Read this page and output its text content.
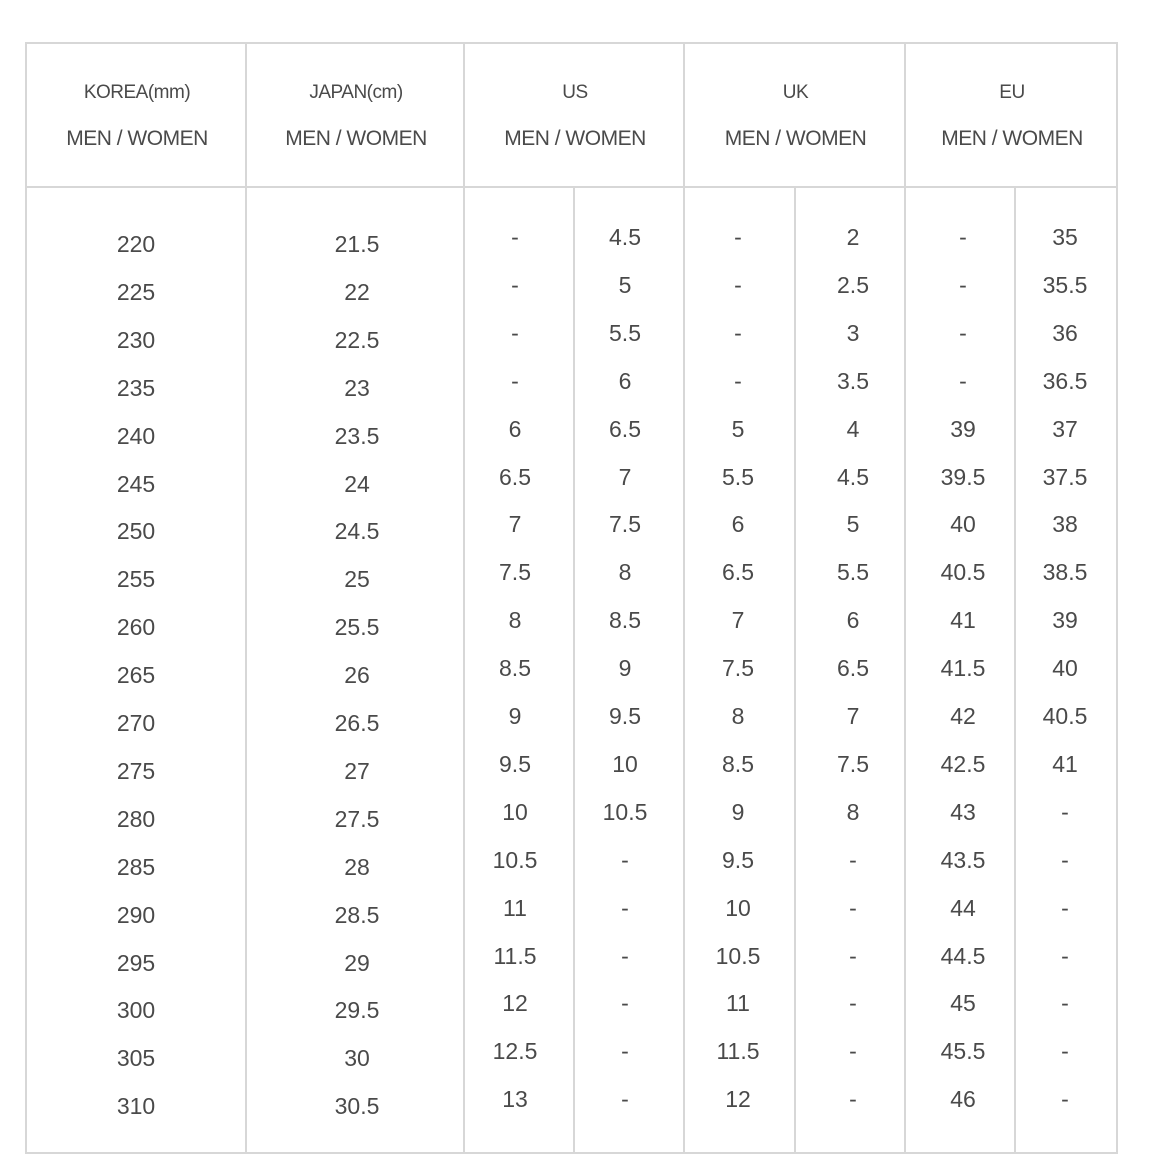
KOREA(mm)
MEN / WOMEN
JAPAN(cm)
MEN / WOMEN
US
MEN / WOMEN
UK
MEN / WOMEN
EU
MEN / WOMEN
220	21.5	-	4.5	-	2	-	35
225	22	-	5	-	2.5	-	35.5
230	22.5	-	5.5	-	3	-	36
235	23	-	6	-	3.5	-	36.5
240	23.5	6	6.5	5	4	39	37
245	24	6.5	7	5.5	4.5	39.5 37.5
250	24.5	7	7.5	6	5	40	38
255	25	7.5	8	6.5	5.5	40.5 38.5
260	25.5	8	8.5	7	6	41	39
265	26	8.5	9	7.5	6.5	41.5	40
270	26.5	9	9.5	8	7	42	40.5
275	27	9.5	10	8.5	7.5	42.5	41
280	27.5	10	10.5	9	8	43	-
285	28	10.5	-	9.5	-	43.5	-
290	28.5	11	-	10	-	44	-
295	29	11.5	-	10.5	-	44.5	-
300	29.5	12	-	11	-	45	-
305	30	12.5	-	11.5	-	45.5	-
310	30.5	13	-	12	-	46	-
